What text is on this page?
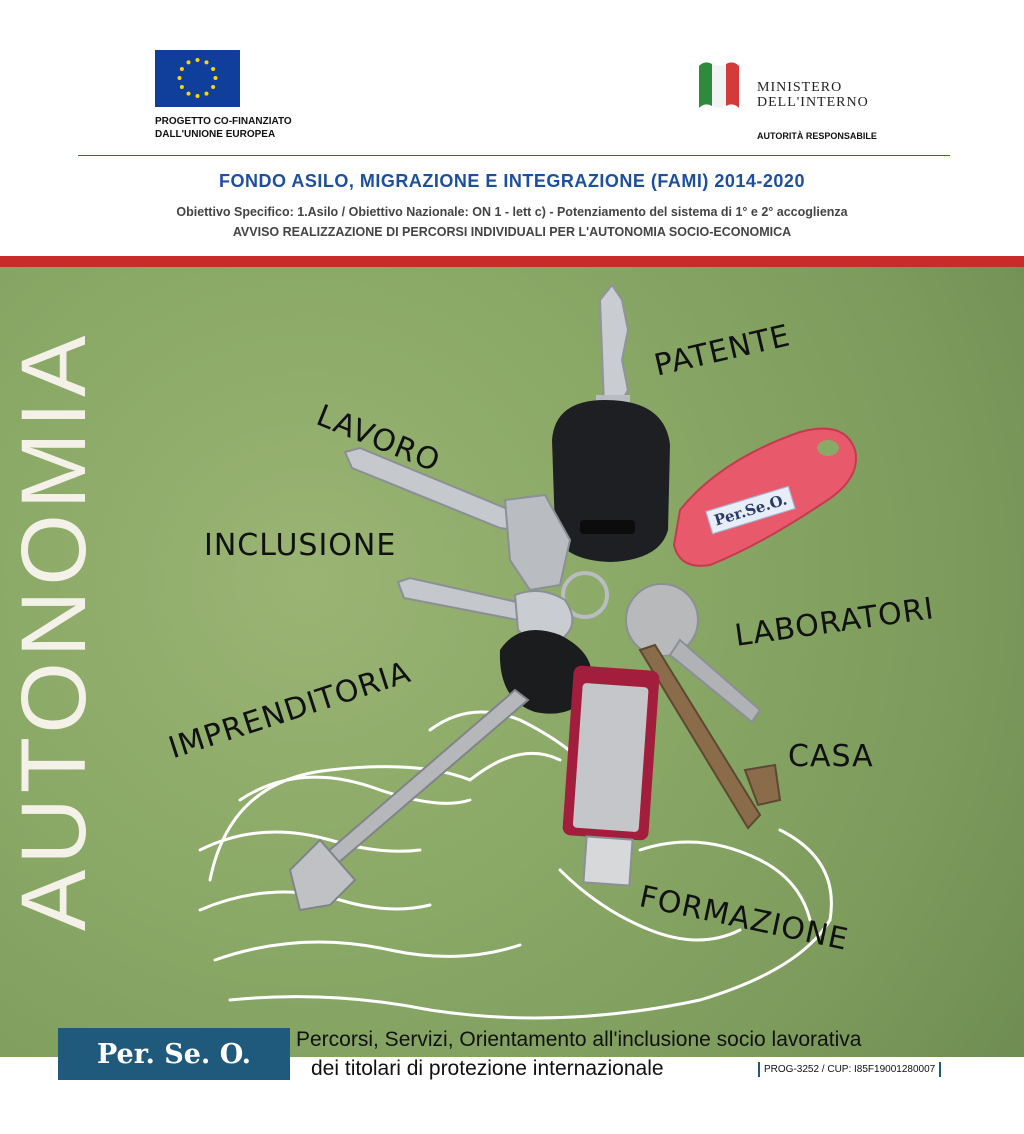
PROGETTO CO-FINANZIATO
DALL'UNIONE EUROPEA
MINISTERO
DELL'INTERNO
AUTORITÀ RESPONSABILE
FONDO ASILO, MIGRAZIONE E INTEGRAZIONE (FAMI) 2014-2020
Obiettivo Specifico: 1.Asilo / Obiettivo Nazionale: ON 1 - lett c) - Potenziamento del sistema di 1° e 2° accoglienza
AVVISO REALIZZAZIONE DI PERCORSI INDIVIDUALI PER L'AUTONOMIA SOCIO-ECONOMICA
AUTONOMIA	LAVORO
PATENTE
INCLUSIONE
LABORATORI
IMPRENDITORIA	CASA
FORMAZIONE
Per.Se.O.
Per. Se. O. Percorsi, Servizi, Orientamento all'inclusione socio lavorativa
dei titolari di protezione internazionale	PROG-3252 / CUP: I85F19001280007
